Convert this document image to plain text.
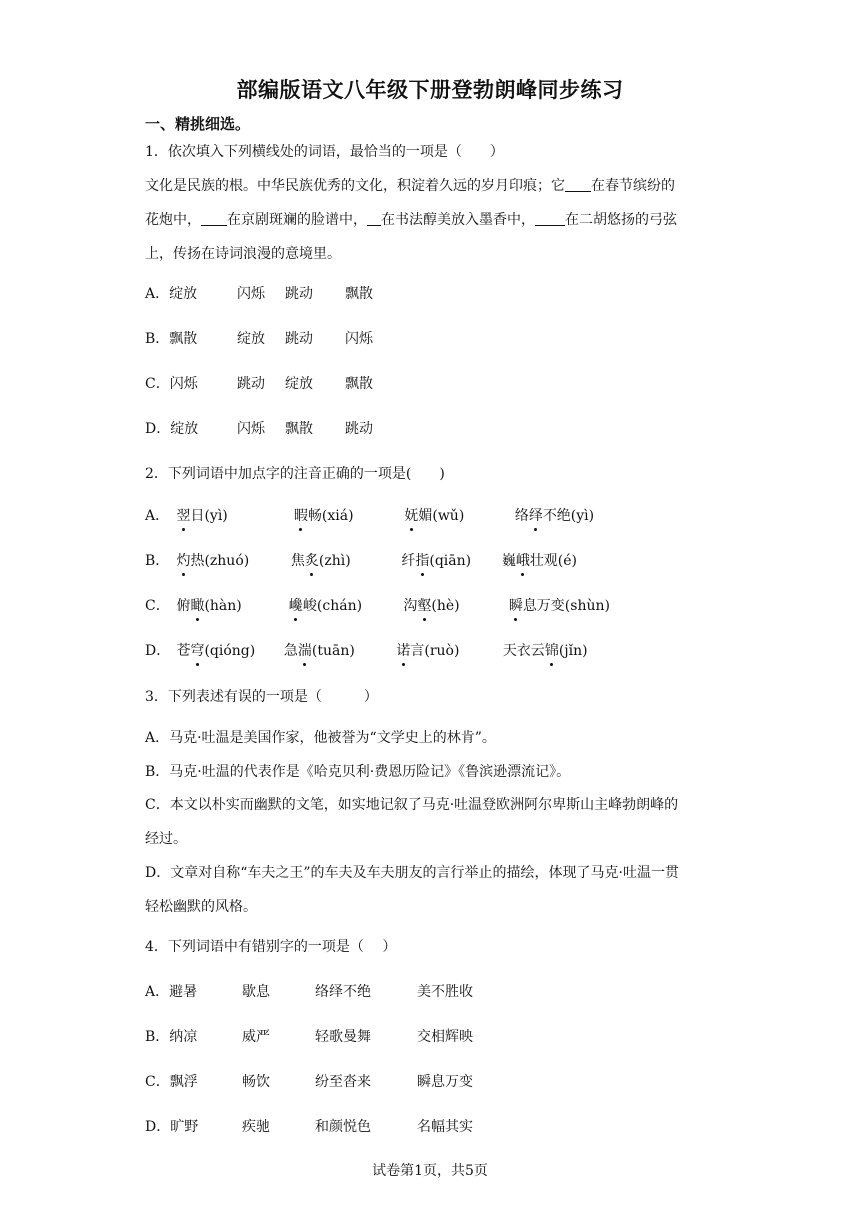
部编版语文八年级下册登勃朗峰同步练习
一、精挑细选。
1．依次填入下列横线处的词语，最恰当的一项是（　　）
文化是民族的根。中华民族优秀的文化，积淀着久远的岁月印痕；它 在春节缤纷的
花炮中， 在京剧斑斓的脸谱中， 在书法醇美放入墨香中， 在二胡悠扬的弓弦
上，传扬在诗词浪漫的意境里。
A．绽放	闪烁 跳动 飘散
B．飘散	绽放 跳动 闪烁
C．闪烁	跳动 绽放 飘散
D．绽放	闪烁 飘散 跳动
2．下列词语中加点字的注音正确的一项是(　　)
A． 翌日(yì)	暇畅(xiá)	妩媚(wǔ)	络绎不绝(yì)
B． 灼热(zhuó)	焦炙(zhì)	纤指(qiān) 巍峨壮观(é)
C． 俯瞰(hàn)	巉峻(chán)	沟壑(hè)	瞬息万变(shùn)
D． 苍穹(qióng) 急湍(tuān)	诺言(ruò)	天衣云锦(jǐn)
3．下列表述有误的一项是（　　　）
A．马克·吐温是美国作家，他被誉为“文学史上的林肯”。
B．马克·吐温的代表作是《哈克贝利·费恩历险记》《鲁滨逊漂流记》。
C．本文以朴实而幽默的文笔，如实地记叙了马克·吐温登欧洲阿尔卑斯山主峰勃朗峰的
经过。
D．文章对自称“车夫之王”的车夫及车夫朋友的言行举止的描绘，体现了马克·吐温一贯
轻松幽默的风格。
4．下列词语中有错别字的一项是（　 ）
A．避暑	歇息	络绎不绝	美不胜收
B．纳凉	威严	轻歌曼舞	交相辉映
C．飘浮	畅饮	纷至沓来	瞬息万变
D．旷野	疾驰	和颜悦色	名幅其实
试卷第1页，共5页
